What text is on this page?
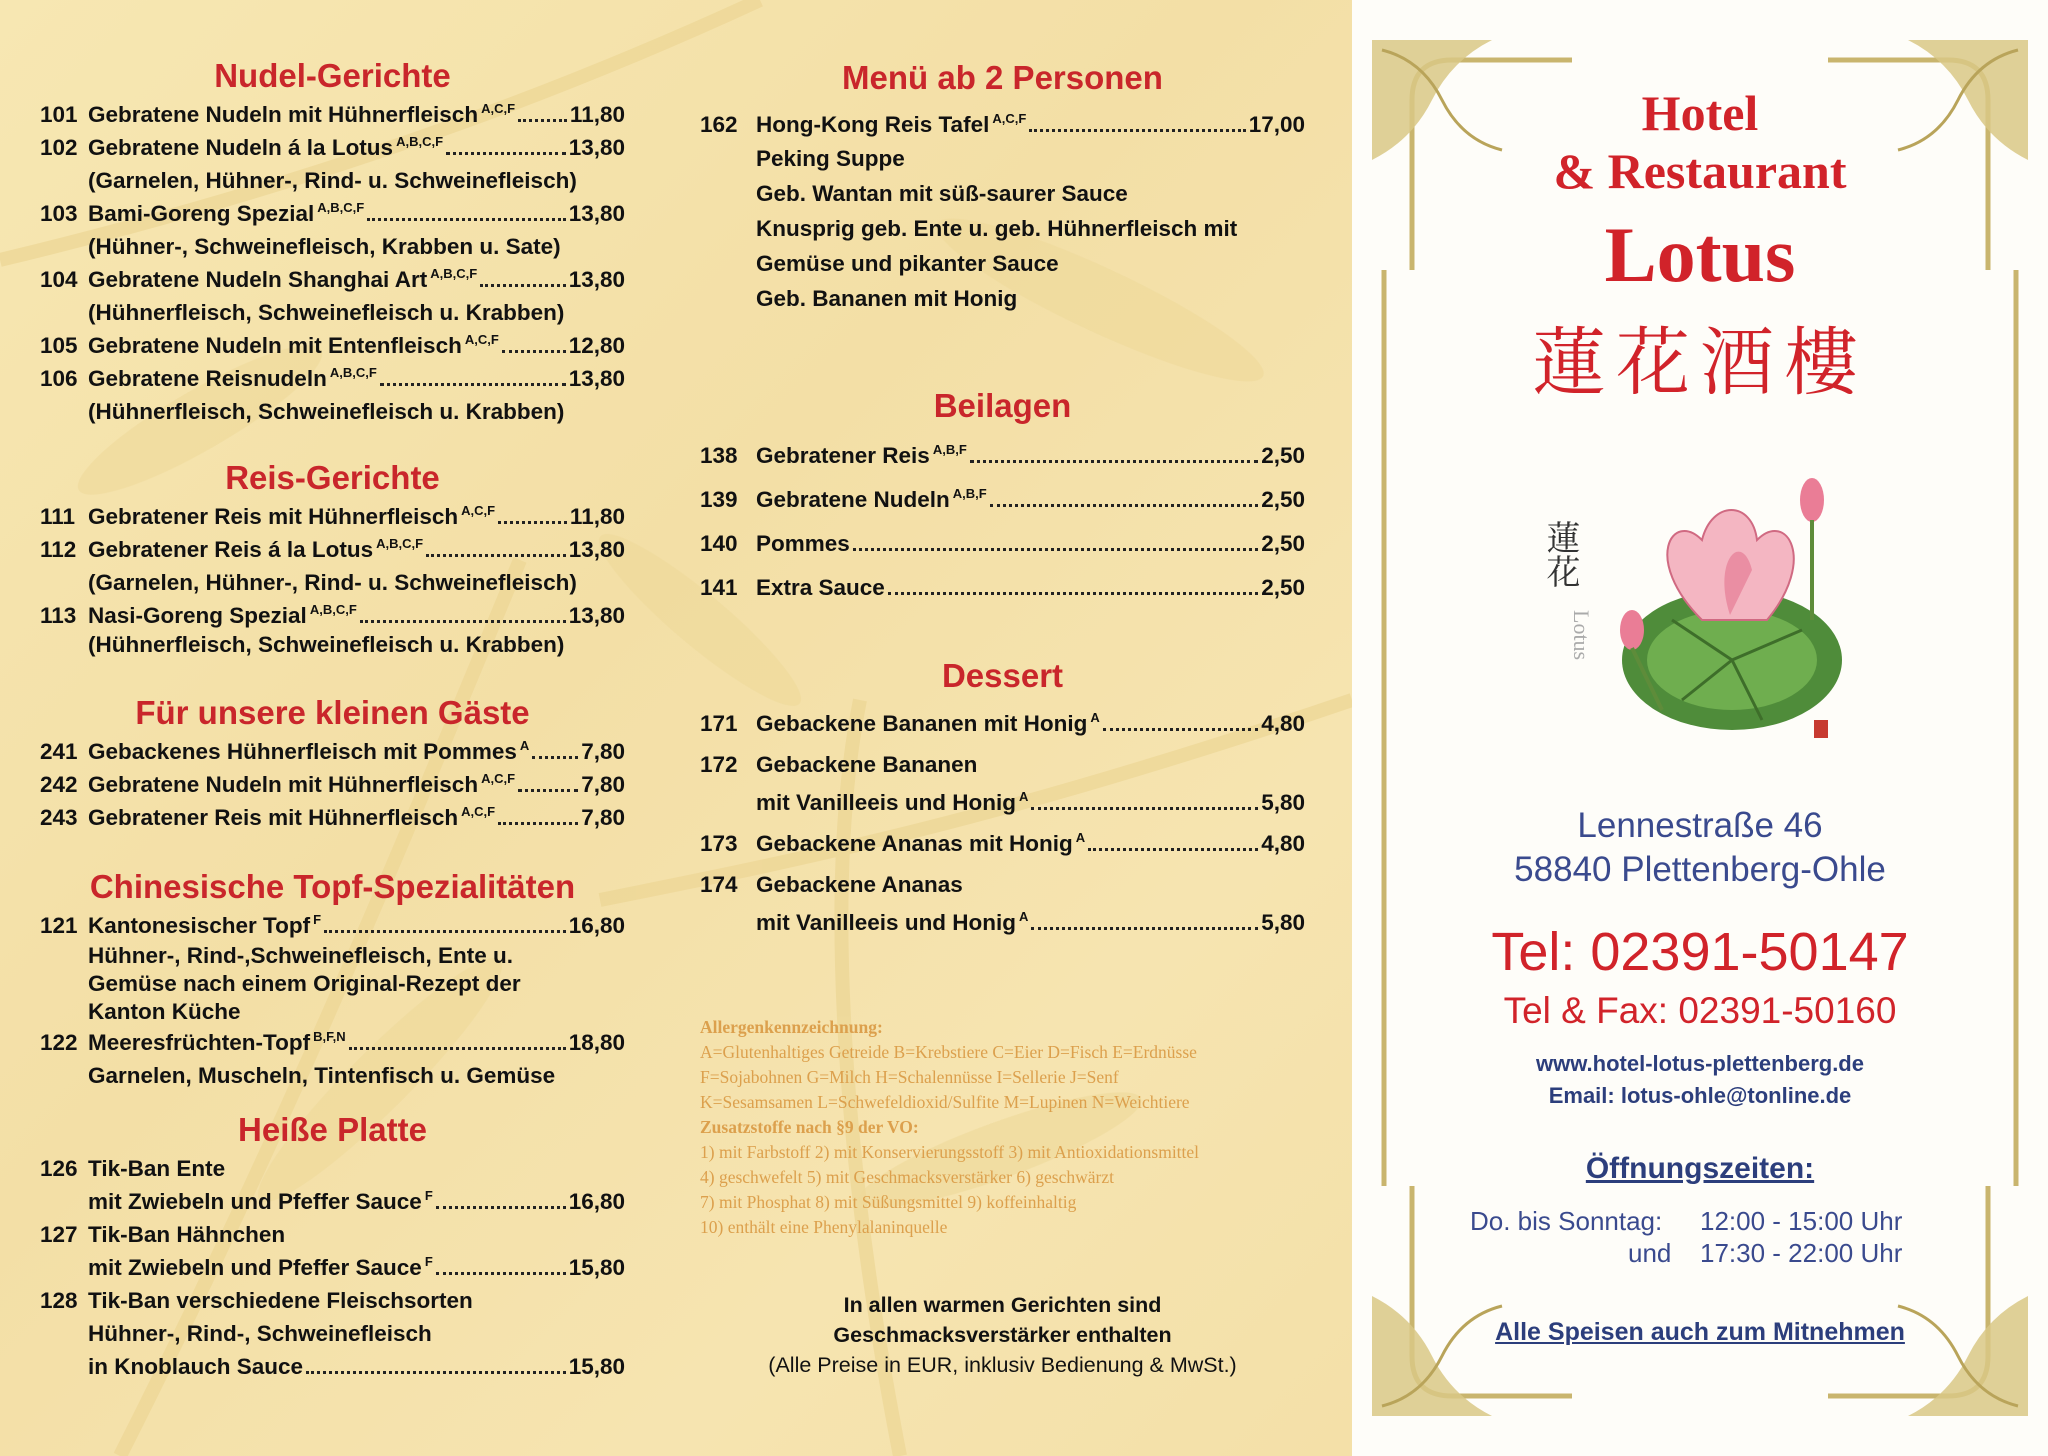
Nudel-Gerichte
101 Gebratene Nudeln mit Hühnerfleisch $^{A,C,F}$ 11,80
102 Gebratene Nudeln á la Lotus $^{A,B,C,F}$	13,80
(Garnelen, Hühner-, Rind- u. Schweinefleisch)
103 Bami-Goreng Spezial $^{A,B,C,F}$	13,80
(Hühner-, Schweinefleisch, Krabben u. Sate)
104 Gebratene Nudeln Shanghai Art $^{A,B,C,F}$	13,80
(Hühnerfleisch, Schweinefleisch u. Krabben)
105 Gebratene Nudeln mit Entenfleisch $^{A,C,F}$	12,80
106 Gebratene Reisnudeln $^{A,B,C,F}$	13,80
(Hühnerfleisch, Schweinefleisch u. Krabben)
Reis-Gerichte
111 Gebratener Reis mit Hühnerfleisch $^{A,C,F}$	11,80
112 Gebratener Reis á la Lotus $^{A,B,C,F}$	13,80
(Garnelen, Hühner-, Rind- u. Schweinefleisch)
113 Nasi-Goreng Spezial $^{A,B,C,F}$	13,80
(Hühnerfleisch, Schweinefleisch u. Krabben)
Für unsere kleinen Gäste
241 Gebackenes Hühnerfleisch mit Pommes $^A$ 7,80
242 Gebratene Nudeln mit Hühnerfleisch $^{A,C,F}$	7,80
243 Gebratener Reis mit Hühnerfleisch $^{A,C,F}$	7,80
Chinesische Topf-Spezialitäten
121 Kantonesischer Topf $^F$	16,80
Hühner-, Rind-,Schweinefleisch, Ente u.
Gemüse nach einem Original-Rezept der
Kanton Küche
122 Meeresfrüchten-Topf $^{B,F,N}$	18,80
Garnelen, Muscheln, Tintenfisch u. Gemüse
Heiße Platte
126 Tik-Ban Ente
mit Zwiebeln und Pfeffer Sauce $^F$	16,80
127 Tik-Ban Hähnchen
mit Zwiebeln und Pfeffer Sauce $^F$	15,80
128 Tik-Ban verschiedene Fleischsorten
Hühner-, Rind-, Schweinefleisch
in Knoblauch Sauce	15,80
Menü ab 2 Personen
162 Hong-Kong Reis Tafel $^{A,C,F}$	17,00
Peking Suppe
Geb. Wantan mit süß-saurer Sauce
Knusprig geb. Ente u. geb. Hühnerfleisch mit
Gemüse und pikanter Sauce
Geb. Bananen mit Honig
Beilagen
138 Gebratener Reis $^{A,B,F}$	2,50
139 Gebratene Nudeln $^{A,B,F}$	2,50
140 Pommes	2,50
141 Extra Sauce	2,50
Dessert
171 Gebackene Bananen mit Honig $^A$	4,80
172 Gebackene Bananen
mit Vanilleeis und Honig $^A$	5,80
173 Gebackene Ananas mit Honig $^A$	4,80
174 Gebackene Ananas
mit Vanilleeis und Honig $^A$	5,80
Allergenkennzeichnung:
A=Glutenhaltiges Getreide B=Krebstiere C=Eier D=Fisch E=Erdnüsse
F=Sojabohnen G=Milch H=Schalennüsse I=Sellerie J=Senf
K=Sesamsamen L=Schwefeldioxid/Sulfite M=Lupinen N=Weichtiere
Zusatzstoffe nach §9 der VO:
1) mit Farbstoff 2) mit Konservierungsstoff 3) mit Antioxidationsmittel
4) geschwefelt 5) mit Geschmacksverstärker 6) geschwärzt
7) mit Phosphat 8) mit Süßungsmittel 9) koffeinhaltig
10) enthält eine Phenylalaninquelle
In allen warmen Gerichten sind
Geschmacksverstärker enthalten
(Alle Preise in EUR, inklusiv Bedienung & MwSt.)
Hotel
& Restaurant
Lotus
蓮花酒樓
蓮花
Lotus
Lennestraße 46
58840 Plettenberg-Ohle
Tel: 02391-50147
Tel & Fax: 02391-50160
www.hotel-lotus-plettenberg.de
Email: lotus-ohle@tonline.de
Öffnungszeiten:
Do. bis Sonntag: 12:00 - 15:00 Uhr
und 17:30 - 22:00 Uhr
Alle Speisen auch zum Mitnehmen
